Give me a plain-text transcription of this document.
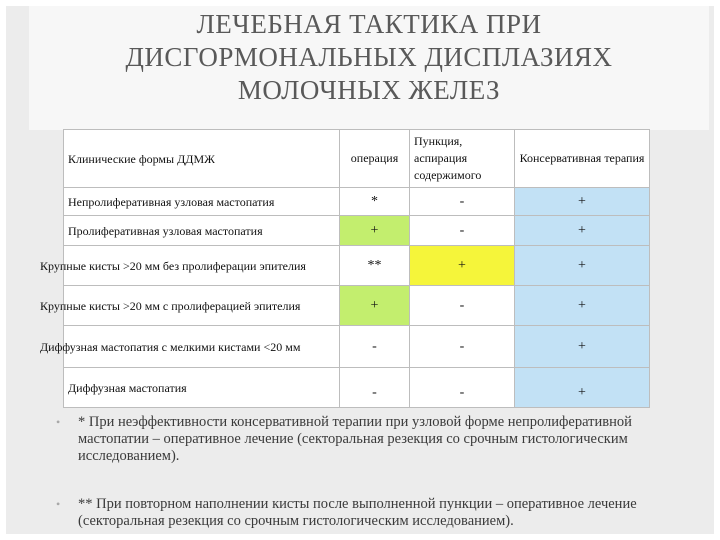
ЛЕЧЕБНАЯ ТАКТИКА ПРИ
ДИСГОРМОНАЛЬНЫХ ДИСПЛАЗИЯХ
МОЛОЧНЫХ ЖЕЛЕЗ
Клинические формы ДДМЖ	операция	Пункция, аспирация содержимого	Консервативная терапия
Непролиферативная узловая мастопатия	*	-	+
Пролиферативная узловая мастопатия	+	-	+
Крупные кисты >20 мм без пролиферации эпителия	**	+	+
Крупные кисты >20 мм с пролиферацией эпителия	+	-	+
Диффузная мастопатия с мелкими кистами <20 мм	-	-	+
Диффузная мастопатия	-	-	+
• * При неэффективности консервативной терапии при узловой форме непролиферативной мастопатии – оперативное лечение (секторальная резекция со срочным гистологическим исследованием).
• ** При повторном наполнении кисты после выполненной пункции – оперативное лечение (секторальная резекция со срочным гистологическим исследованием).
